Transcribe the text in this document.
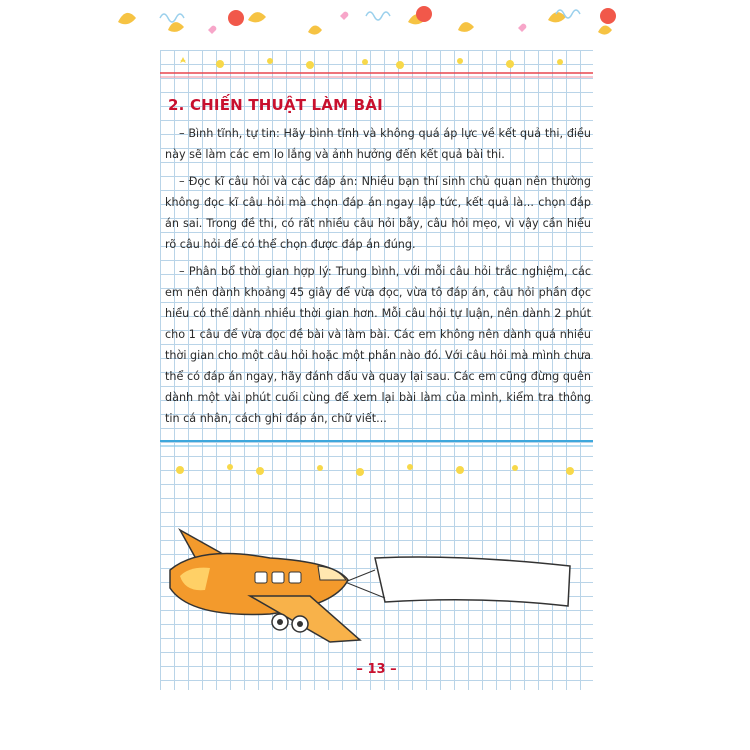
2. CHIẾN THUẬT LÀM BÀI

– Bình tĩnh, tự tin: Hãy bình tĩnh và không quá áp lực về kết quả thi, điều này sẽ làm các em lo lắng và ảnh hưởng đến kết quả bài thi.

– Đọc kĩ câu hỏi và các đáp án: Nhiều bạn thí sinh chủ quan nên thường không đọc kĩ câu hỏi mà chọn đáp án ngay lập tức, kết quả là... chọn đáp án sai. Trong đề thi, có rất nhiều câu hỏi bẫy, câu hỏi mẹo, vì vậy cần hiểu rõ câu hỏi để có thể chọn được đáp án đúng.

– Phân bổ thời gian hợp lý: Trung bình, với mỗi câu hỏi trắc nghiệm, các em nên dành khoảng 45 giây để vừa đọc, vừa tô đáp án, câu hỏi phần đọc hiểu có thể dành nhiều thời gian hơn. Mỗi câu hỏi tự luận, nên dành 2 phút cho 1 câu để vừa đọc đề bài và làm bài. Các em không nên dành quá nhiều thời gian cho một câu hỏi hoặc một phần nào đó. Với câu hỏi mà mình chưa thể có đáp án ngay, hãy đánh dấu và quay lại sau. Các em cũng đừng quên dành một vài phút cuối cùng để xem lại bài làm của mình, kiểm tra thông tin cá nhân, cách ghi đáp án, chữ viết...

– 13 –
